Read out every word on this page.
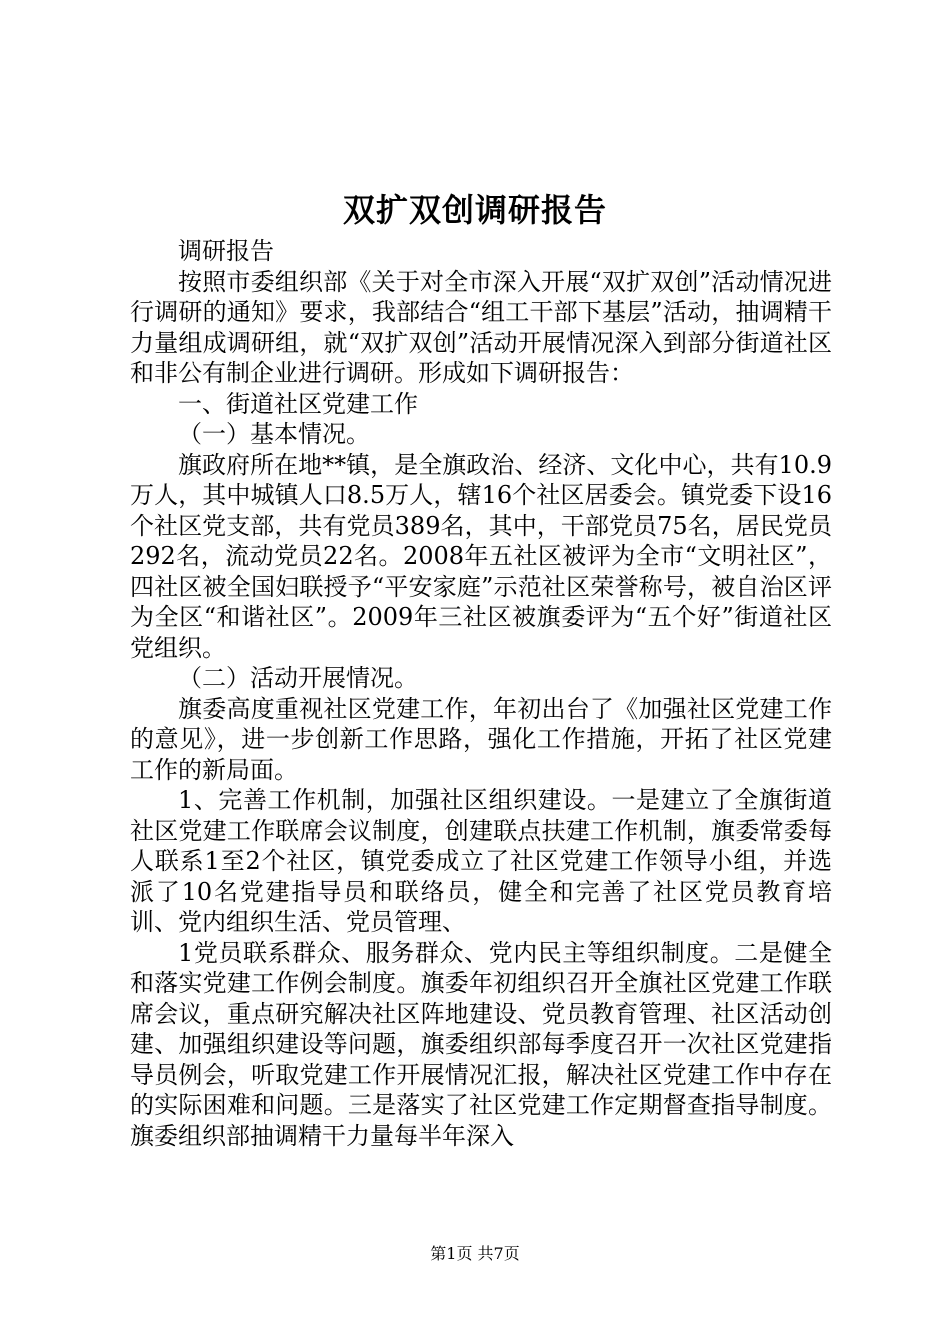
双扩双创调研报告

调研报告

按照市委组织部《关于对全市深入开展“双扩双创”活动情况进行调研的通知》要求，我部结合“组工干部下基层”活动，抽调精干力量组成调研组，就“双扩双创”活动开展情况深入到部分街道社区和非公有制企业进行调研。形成如下调研报告：

一、街道社区党建工作

（一）基本情况。

旗政府所在地**镇，是全旗政治、经济、文化中心，共有10.9万人，其中城镇人口8.5万人，辖16个社区居委会。镇党委下设16个社区党支部，共有党员389名，其中，干部党员75名，居民党员292名，流动党员22名。2008年五社区被评为全市“文明社区”，四社区被全国妇联授予“平安家庭”示范社区荣誉称号，被自治区评为全区“和谐社区”。2009年三社区被旗委评为“五个好”街道社区党组织。

（二）活动开展情况。

旗委高度重视社区党建工作，年初出台了《加强社区党建工作的意见》，进一步创新工作思路，强化工作措施，开拓了社区党建工作的新局面。

1、完善工作机制，加强社区组织建设。一是建立了全旗街道社区党建工作联席会议制度，创建联点扶建工作机制，旗委常委每人联系1至2个社区，镇党委成立了社区党建工作领导小组，并选派了10名党建指导员和联络员，健全和完善了社区党员教育培训、党内组织生活、党员管理、

1党员联系群众、服务群众、党内民主等组织制度。二是健全和落实党建工作例会制度。旗委年初组织召开全旗社区党建工作联席会议，重点研究解决社区阵地建设、党员教育管理、社区活动创建、加强组织建设等问题，旗委组织部每季度召开一次社区党建指导员例会，听取党建工作开展情况汇报，解决社区党建工作中存在的实际困难和问题。三是落实了社区党建工作定期督查指导制度。旗委组织部抽调精干力量每半年深入

第1页 共7页
